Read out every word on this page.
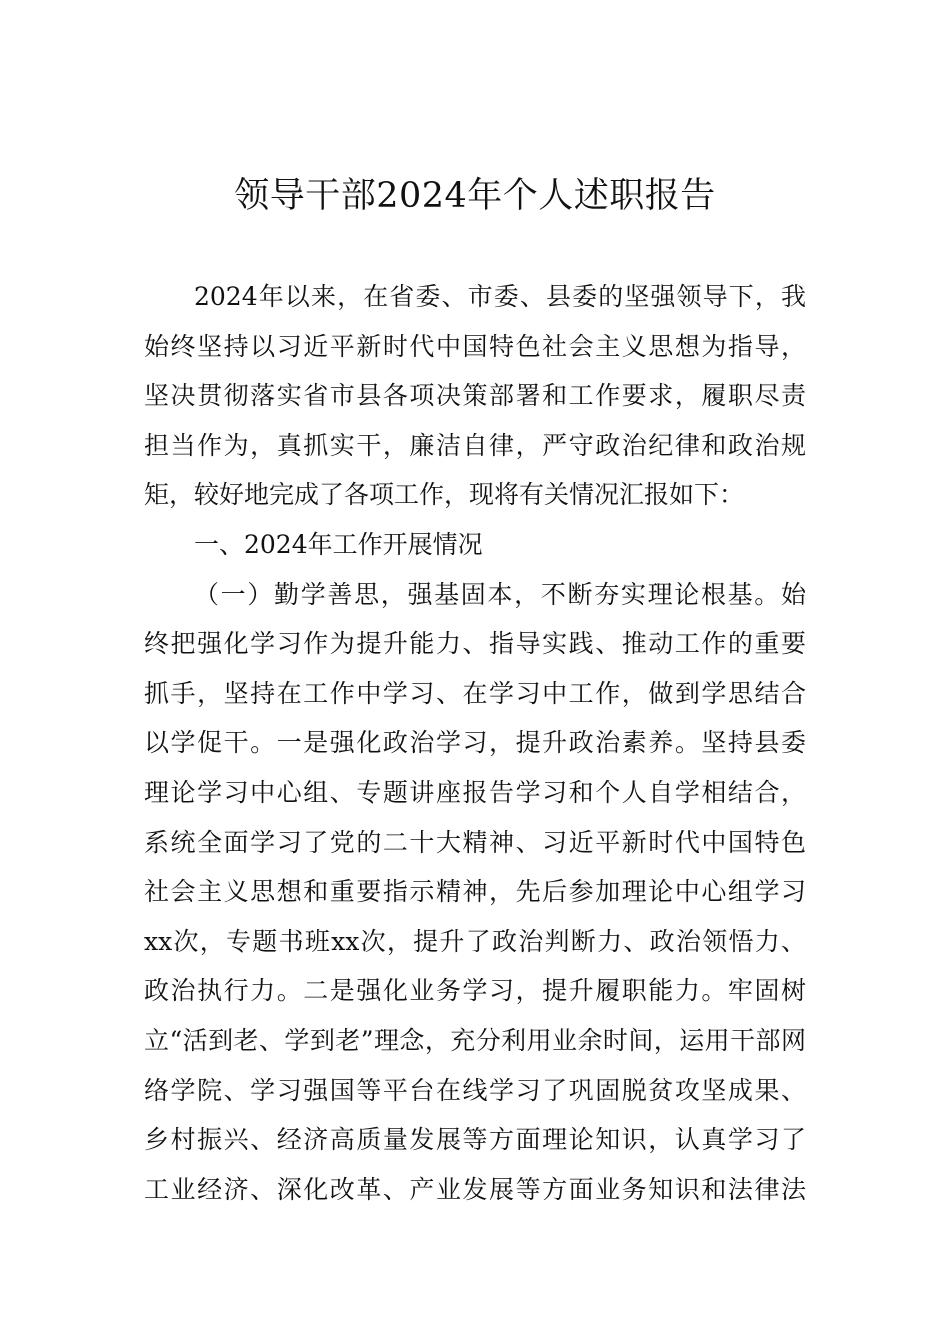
领导干部2024年个人述职报告
2024年以来，在省委、市委、县委的坚强领导下，我
始终坚持以习近平新时代中国特色社会主义思想为指导，
坚决贯彻落实省市县各项决策部署和工作要求，履职尽责
担当作为，真抓实干，廉洁自律，严守政治纪律和政治规
矩，较好地完成了各项工作，现将有关情况汇报如下：
一、2024年工作开展情况
（一）勤学善思，强基固本，不断夯实理论根基。始
终把强化学习作为提升能力、指导实践、推动工作的重要
抓手，坚持在工作中学习、在学习中工作，做到学思结合
以学促干。一是强化政治学习，提升政治素养。坚持县委
理论学习中心组、专题讲座报告学习和个人自学相结合，
系统全面学习了党的二十大精神、习近平新时代中国特色
社会主义思想和重要指示精神，先后参加理论中心组学习
xx次，专题书班xx次，提升了政治判断力、政治领悟力、
政治执行力。二是强化业务学习，提升履职能力。牢固树
立“活到老、学到老”理念，充分利用业余时间，运用干部网
络学院、学习强国等平台在线学习了巩固脱贫攻坚成果、
乡村振兴、经济高质量发展等方面理论知识，认真学习了
工业经济、深化改革、产业发展等方面业务知识和法律法
